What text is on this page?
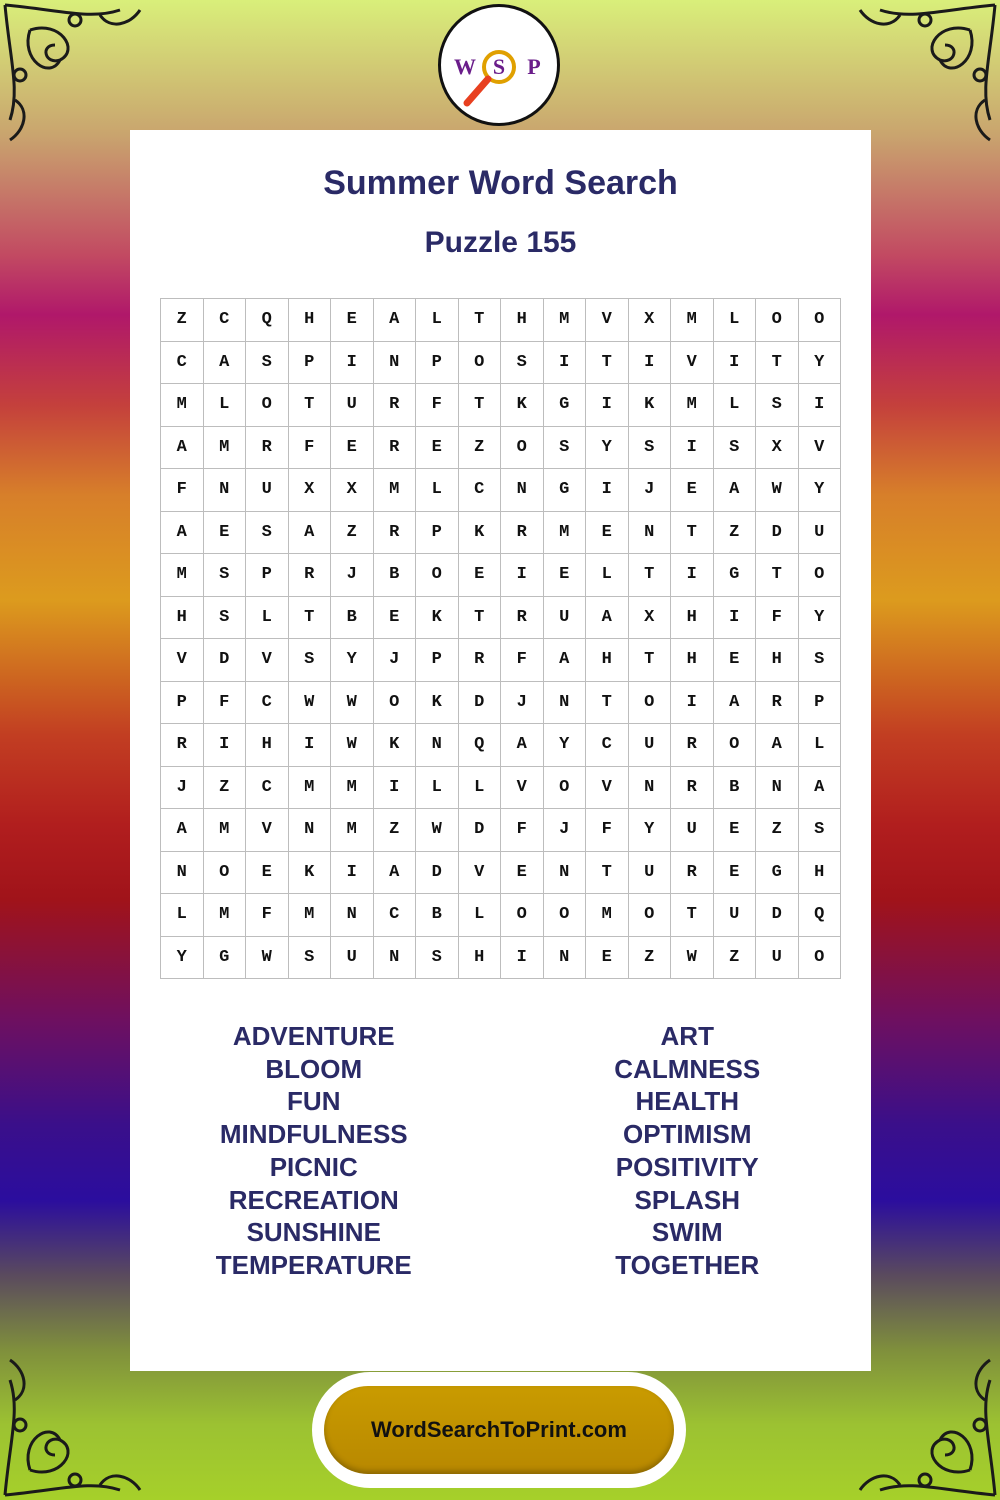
W S P
Summer Word Search
Puzzle 155
Z	C	Q	H	E	A	L	T	H	M	V	X	M	L	O	O
C	A	S	P	I	N	P	O	S	I	T	I	V	I	T	Y
M	L	O	T	U	R	F	T	K	G	I	K	M	L	S	I
A	M	R	F	E	R	E	Z	O	S	Y	S	I	S	X	V
F	N	U	X	X	M	L	C	N	G	I	J	E	A	W	Y
A	E	S	A	Z	R	P	K	R	M	E	N	T	Z	D	U
M	S	P	R	J	B	O	E	I	E	L	T	I	G	T	O
H	S	L	T	B	E	K	T	R	U	A	X	H	I	F	Y
V	D	V	S	Y	J	P	R	F	A	H	T	H	E	H	S
P	F	C	W	W	O	K	D	J	N	T	O	I	A	R	P
R	I	H	I	W	K	N	Q	A	Y	C	U	R	O	A	L
J	Z	C	M	M	I	L	L	V	O	V	N	R	B	N	A
A	M	V	N	M	Z	W	D	F	J	F	Y	U	E	Z	S
N	O	E	K	I	A	D	V	E	N	T	U	R	E	G	H
L	M	F	M	N	C	B	L	O	O	M	O	T	U	D	Q
Y	G	W	S	U	N	S	H	I	N	E	Z	W	Z	U	O
ADVENTURE
BLOOM
FUN
MINDFULNESS
PICNIC
RECREATION
SUNSHINE
TEMPERATURE
ART
CALMNESS
HEALTH
OPTIMISM
POSITIVITY
SPLASH
SWIM
TOGETHER
WordSearchToPrint.com
